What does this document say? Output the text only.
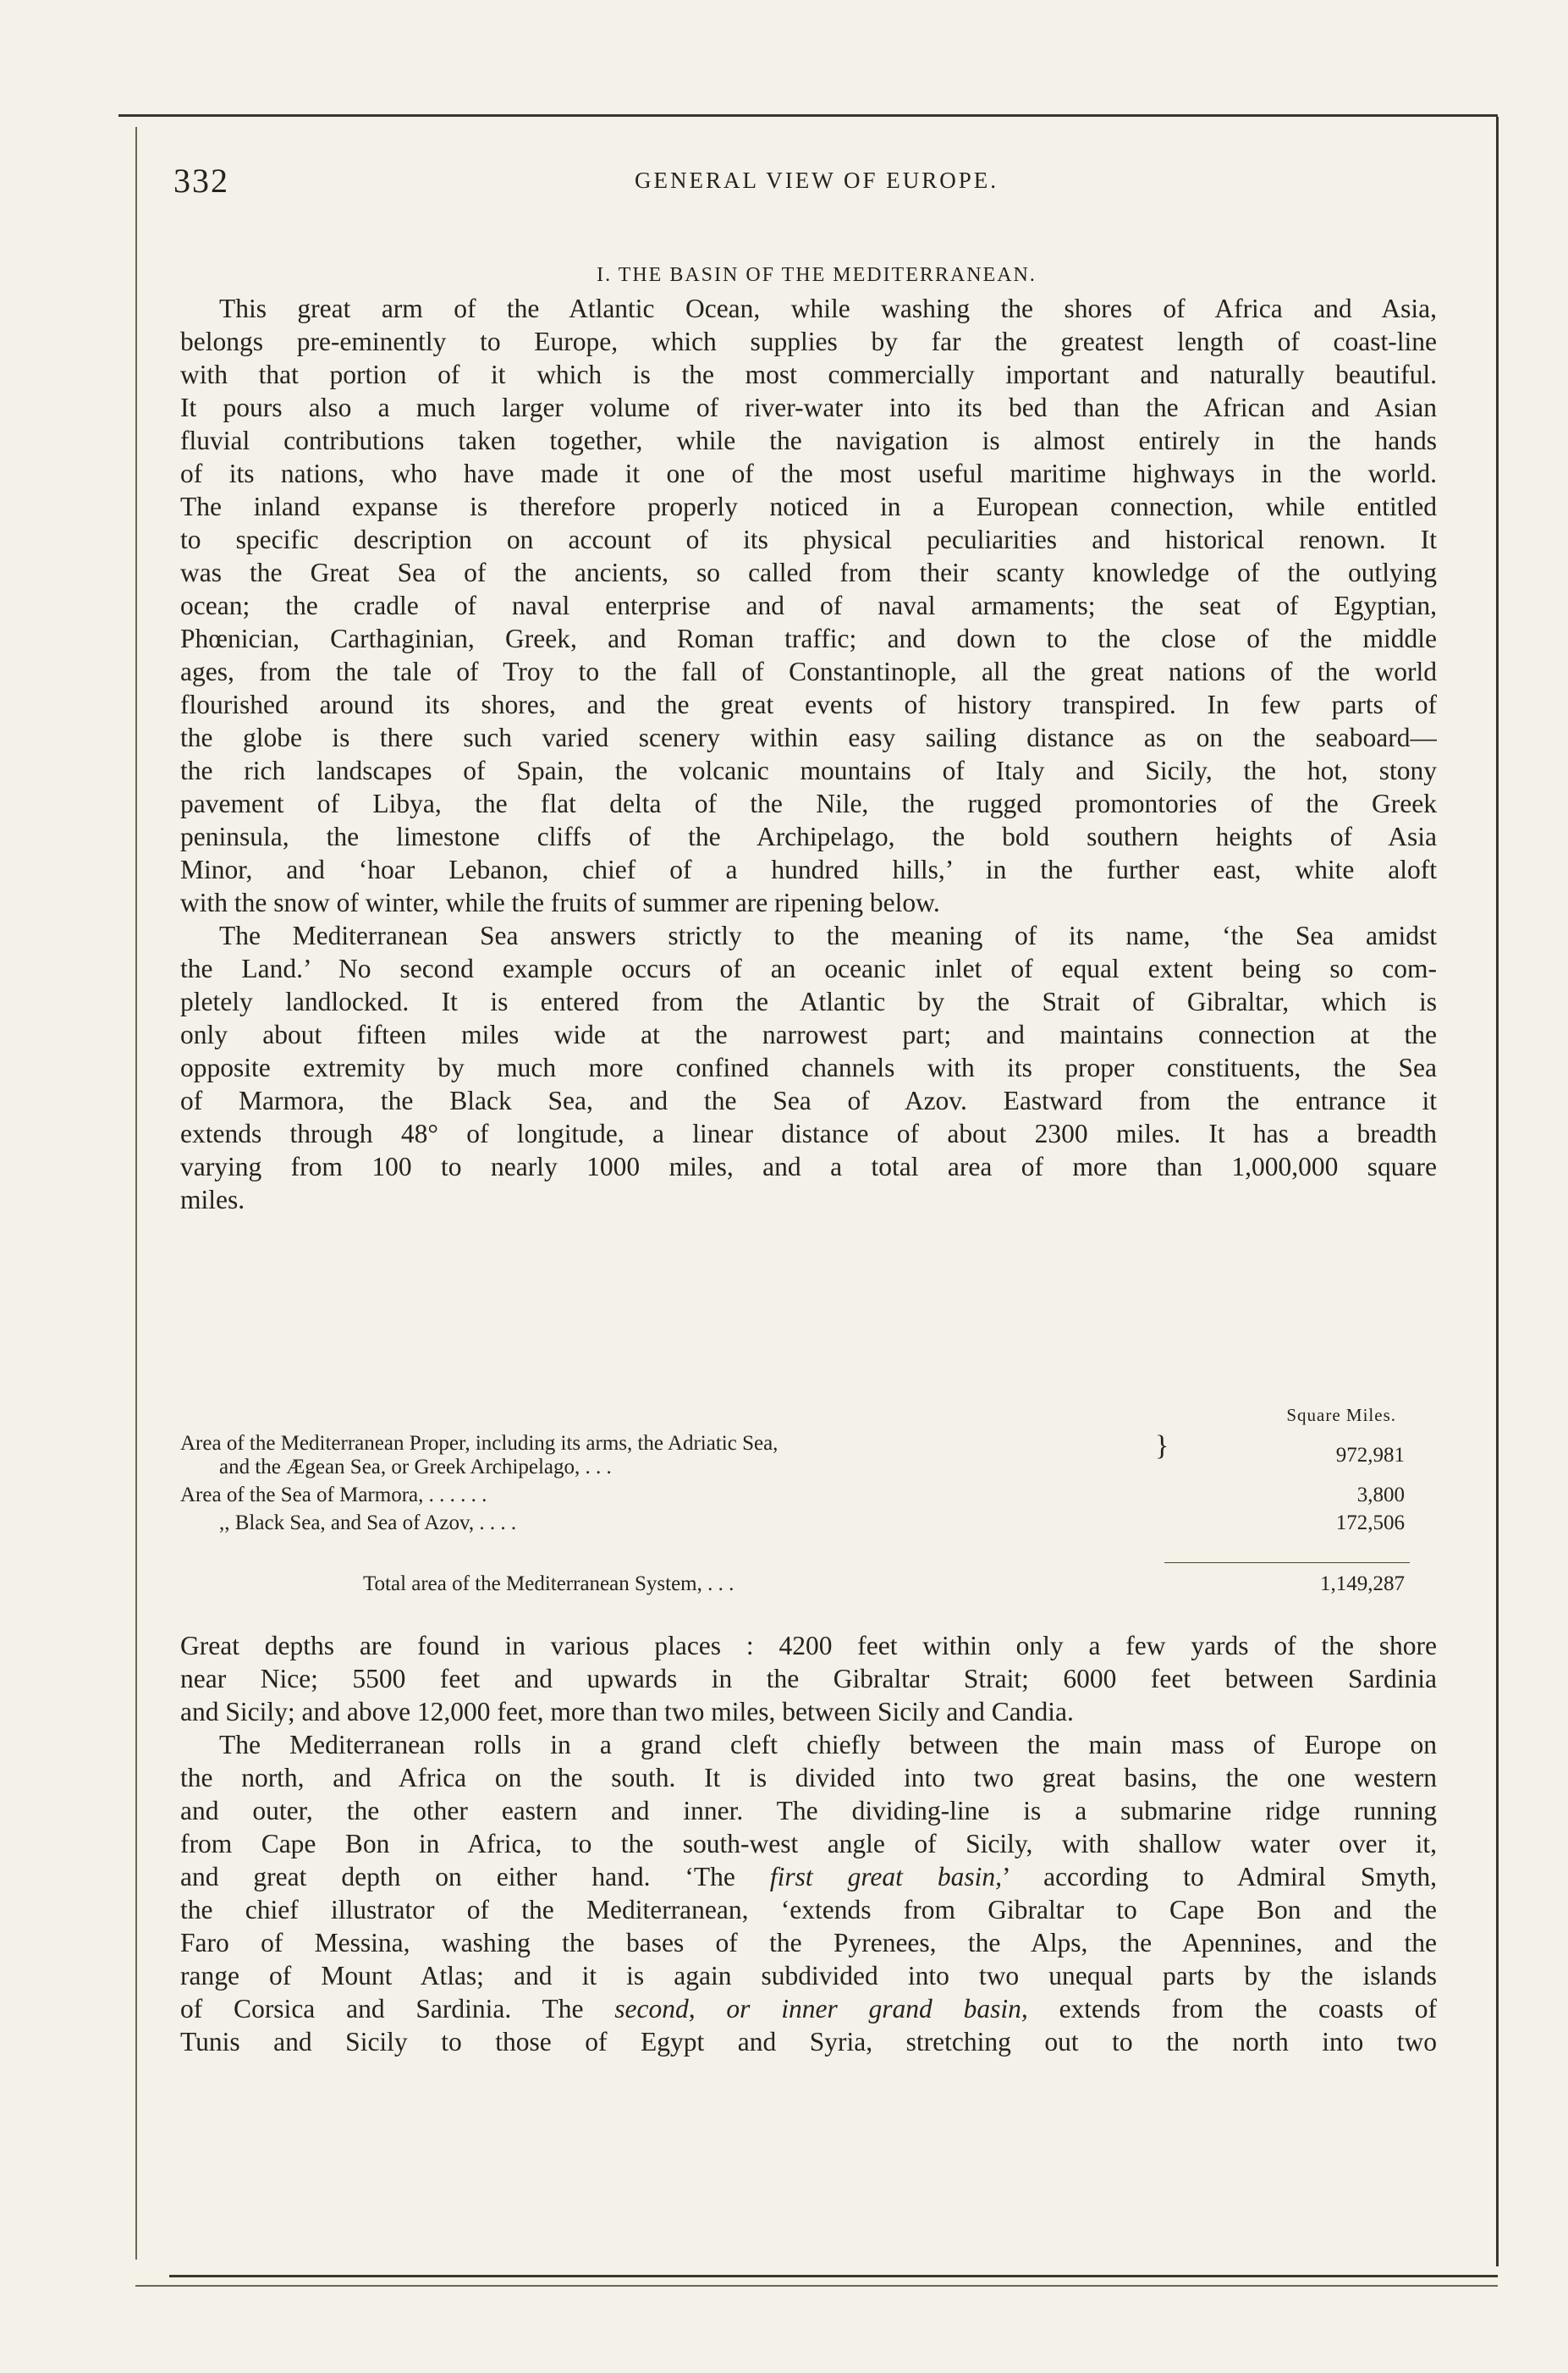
332	GENERAL VIEW OF EUROPE.
I. THE BASIN OF THE MEDITERRANEAN.
This great arm of the Atlantic Ocean, while washing the shores of Africa and Asia,
belongs pre-eminently to Europe, which supplies by far the greatest length of coast-line
with that portion of it which is the most commercially important and naturally beautiful.
It pours also a much larger volume of river-water into its bed than the African and Asian
fluvial contributions taken together, while the navigation is almost entirely in the hands
of its nations, who have made it one of the most useful maritime highways in the world.
The inland expanse is therefore properly noticed in a European connection, while entitled
to specific description on account of its physical peculiarities and historical renown. It
was the Great Sea of the ancients, so called from their scanty knowledge of the outlying
ocean; the cradle of naval enterprise and of naval armaments; the seat of Egyptian,
Phœnician, Carthaginian, Greek, and Roman traffic; and down to the close of the middle
ages, from the tale of Troy to the fall of Constantinople, all the great nations of the world
flourished around its shores, and the great events of history transpired. In few parts of
the globe is there such varied scenery within easy sailing distance as on the seaboard—
the rich landscapes of Spain, the volcanic mountains of Italy and Sicily, the hot, stony
pavement of Libya, the flat delta of the Nile, the rugged promontories of the Greek
peninsula, the limestone cliffs of the Archipelago, the bold southern heights of Asia
Minor, and ‘hoar Lebanon, chief of a hundred hills,’ in the further east, white aloft
with the snow of winter, while the fruits of summer are ripening below.
The Mediterranean Sea answers strictly to the meaning of its name, ‘the Sea amidst
the Land.’ No second example occurs of an oceanic inlet of equal extent being so com-
pletely landlocked. It is entered from the Atlantic by the Strait of Gibraltar, which is
only about fifteen miles wide at the narrowest part; and maintains connection at the
opposite extremity by much more confined channels with its proper constituents, the Sea
of Marmora, the Black Sea, and the Sea of Azov. Eastward from the entrance it
extends through 48° of longitude, a linear distance of about 2300 miles. It has a breadth
varying from 100 to nearly 1000 miles, and a total area of more than 1,000,000 square
miles.
Square Miles.
Area of the Mediterranean Proper, including its arms, the Adriatic Sea,
and the Ægean Sea, or Greek Archipelago, . . .
}	972,981
Area of the Sea of Marmora, . . . . . .	3,800
,, Black Sea, and Sea of Azov, . . . .	172,506
Total area of the Mediterranean System, . . .	1,149,287
Great depths are found in various places : 4200 feet within only a few yards of the shore
near Nice; 5500 feet and upwards in the Gibraltar Strait; 6000 feet between Sardinia
and Sicily; and above 12,000 feet, more than two miles, between Sicily and Candia.
The Mediterranean rolls in a grand cleft chiefly between the main mass of Europe on
the north, and Africa on the south. It is divided into two great basins, the one western
and outer, the other eastern and inner. The dividing-line is a submarine ridge running
from Cape Bon in Africa, to the south-west angle of Sicily, with shallow water over it,
and great depth on either hand. ‘The first great basin,’ according to Admiral Smyth,
the chief illustrator of the Mediterranean, ‘extends from Gibraltar to Cape Bon and the
Faro of Messina, washing the bases of the Pyrenees, the Alps, the Apennines, and the
range of Mount Atlas; and it is again subdivided into two unequal parts by the islands
of Corsica and Sardinia. The second, or inner grand basin, extends from the coasts of
Tunis and Sicily to those of Egypt and Syria, stretching out to the north into two
